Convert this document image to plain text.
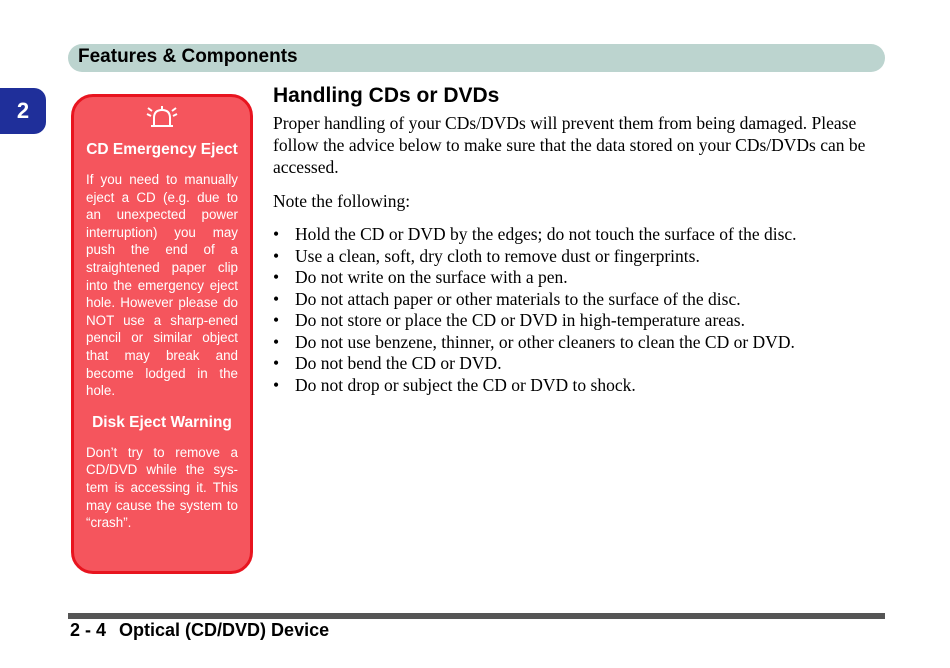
Features & Components
2
CD Emergency Eject

If you need to manually eject a CD (e.g. due to an unexpected power interruption) you may push the end of a straightened paper clip into the emergency eject hole. However please do NOT use a sharp-ened pencil or similar object that may break and become lodged in the hole.

Disk Eject Warning

Don’t try to remove a CD/DVD while the sys-tem is accessing it. This may cause the system to “crash”.

Handling CDs or DVDs

Proper handling of your CDs/DVDs will prevent them from being damaged. Please follow the advice below to make sure that the data stored on your CDs/DVDs can be accessed.

Note the following:

• Hold the CD or DVD by the edges; do not touch the surface of the disc.
• Use a clean, soft, dry cloth to remove dust or fingerprints.
• Do not write on the surface with a pen.
• Do not attach paper or other materials to the surface of the disc.
• Do not store or place the CD or DVD in high-temperature areas.
• Do not use benzene, thinner, or other cleaners to clean the CD or DVD.
• Do not bend the CD or DVD.
• Do not drop or subject the CD or DVD to shock.
2 - 4 Optical (CD/DVD) Device
